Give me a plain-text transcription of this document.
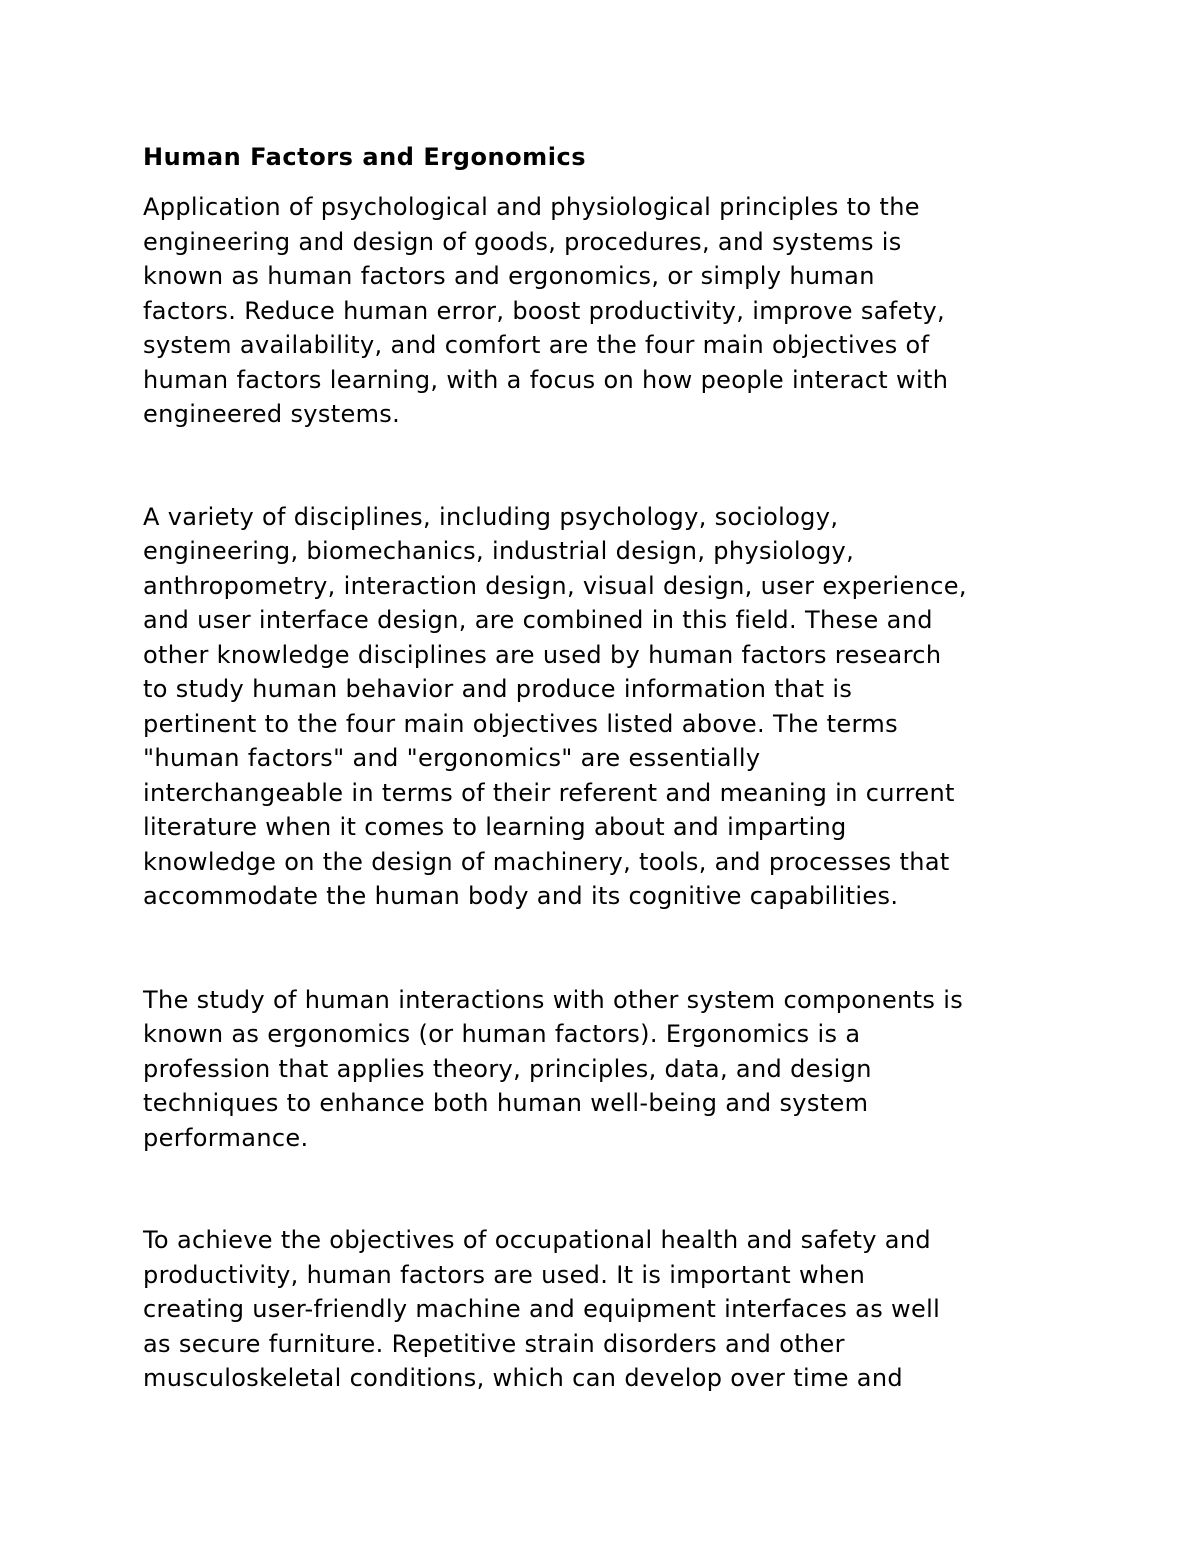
Human Factors and Ergonomics

Application of psychological and physiological principles to the
engineering and design of goods, procedures, and systems is
known as human factors and ergonomics, or simply human
factors. Reduce human error, boost productivity, improve safety,
system availability, and comfort are the four main objectives of
human factors learning, with a focus on how people interact with
engineered systems.

A variety of disciplines, including psychology, sociology,
engineering, biomechanics, industrial design, physiology,
anthropometry, interaction design, visual design, user experience,
and user interface design, are combined in this field. These and
other knowledge disciplines are used by human factors research
to study human behavior and produce information that is
pertinent to the four main objectives listed above. The terms
"human factors" and "ergonomics" are essentially
interchangeable in terms of their referent and meaning in current
literature when it comes to learning about and imparting
knowledge on the design of machinery, tools, and processes that
accommodate the human body and its cognitive capabilities.

The study of human interactions with other system components is
known as ergonomics (or human factors). Ergonomics is a
profession that applies theory, principles, data, and design
techniques to enhance both human well-being and system
performance.

To achieve the objectives of occupational health and safety and
productivity, human factors are used. It is important when
creating user-friendly machine and equipment interfaces as well
as secure furniture. Repetitive strain disorders and other
musculoskeletal conditions, which can develop over time and
